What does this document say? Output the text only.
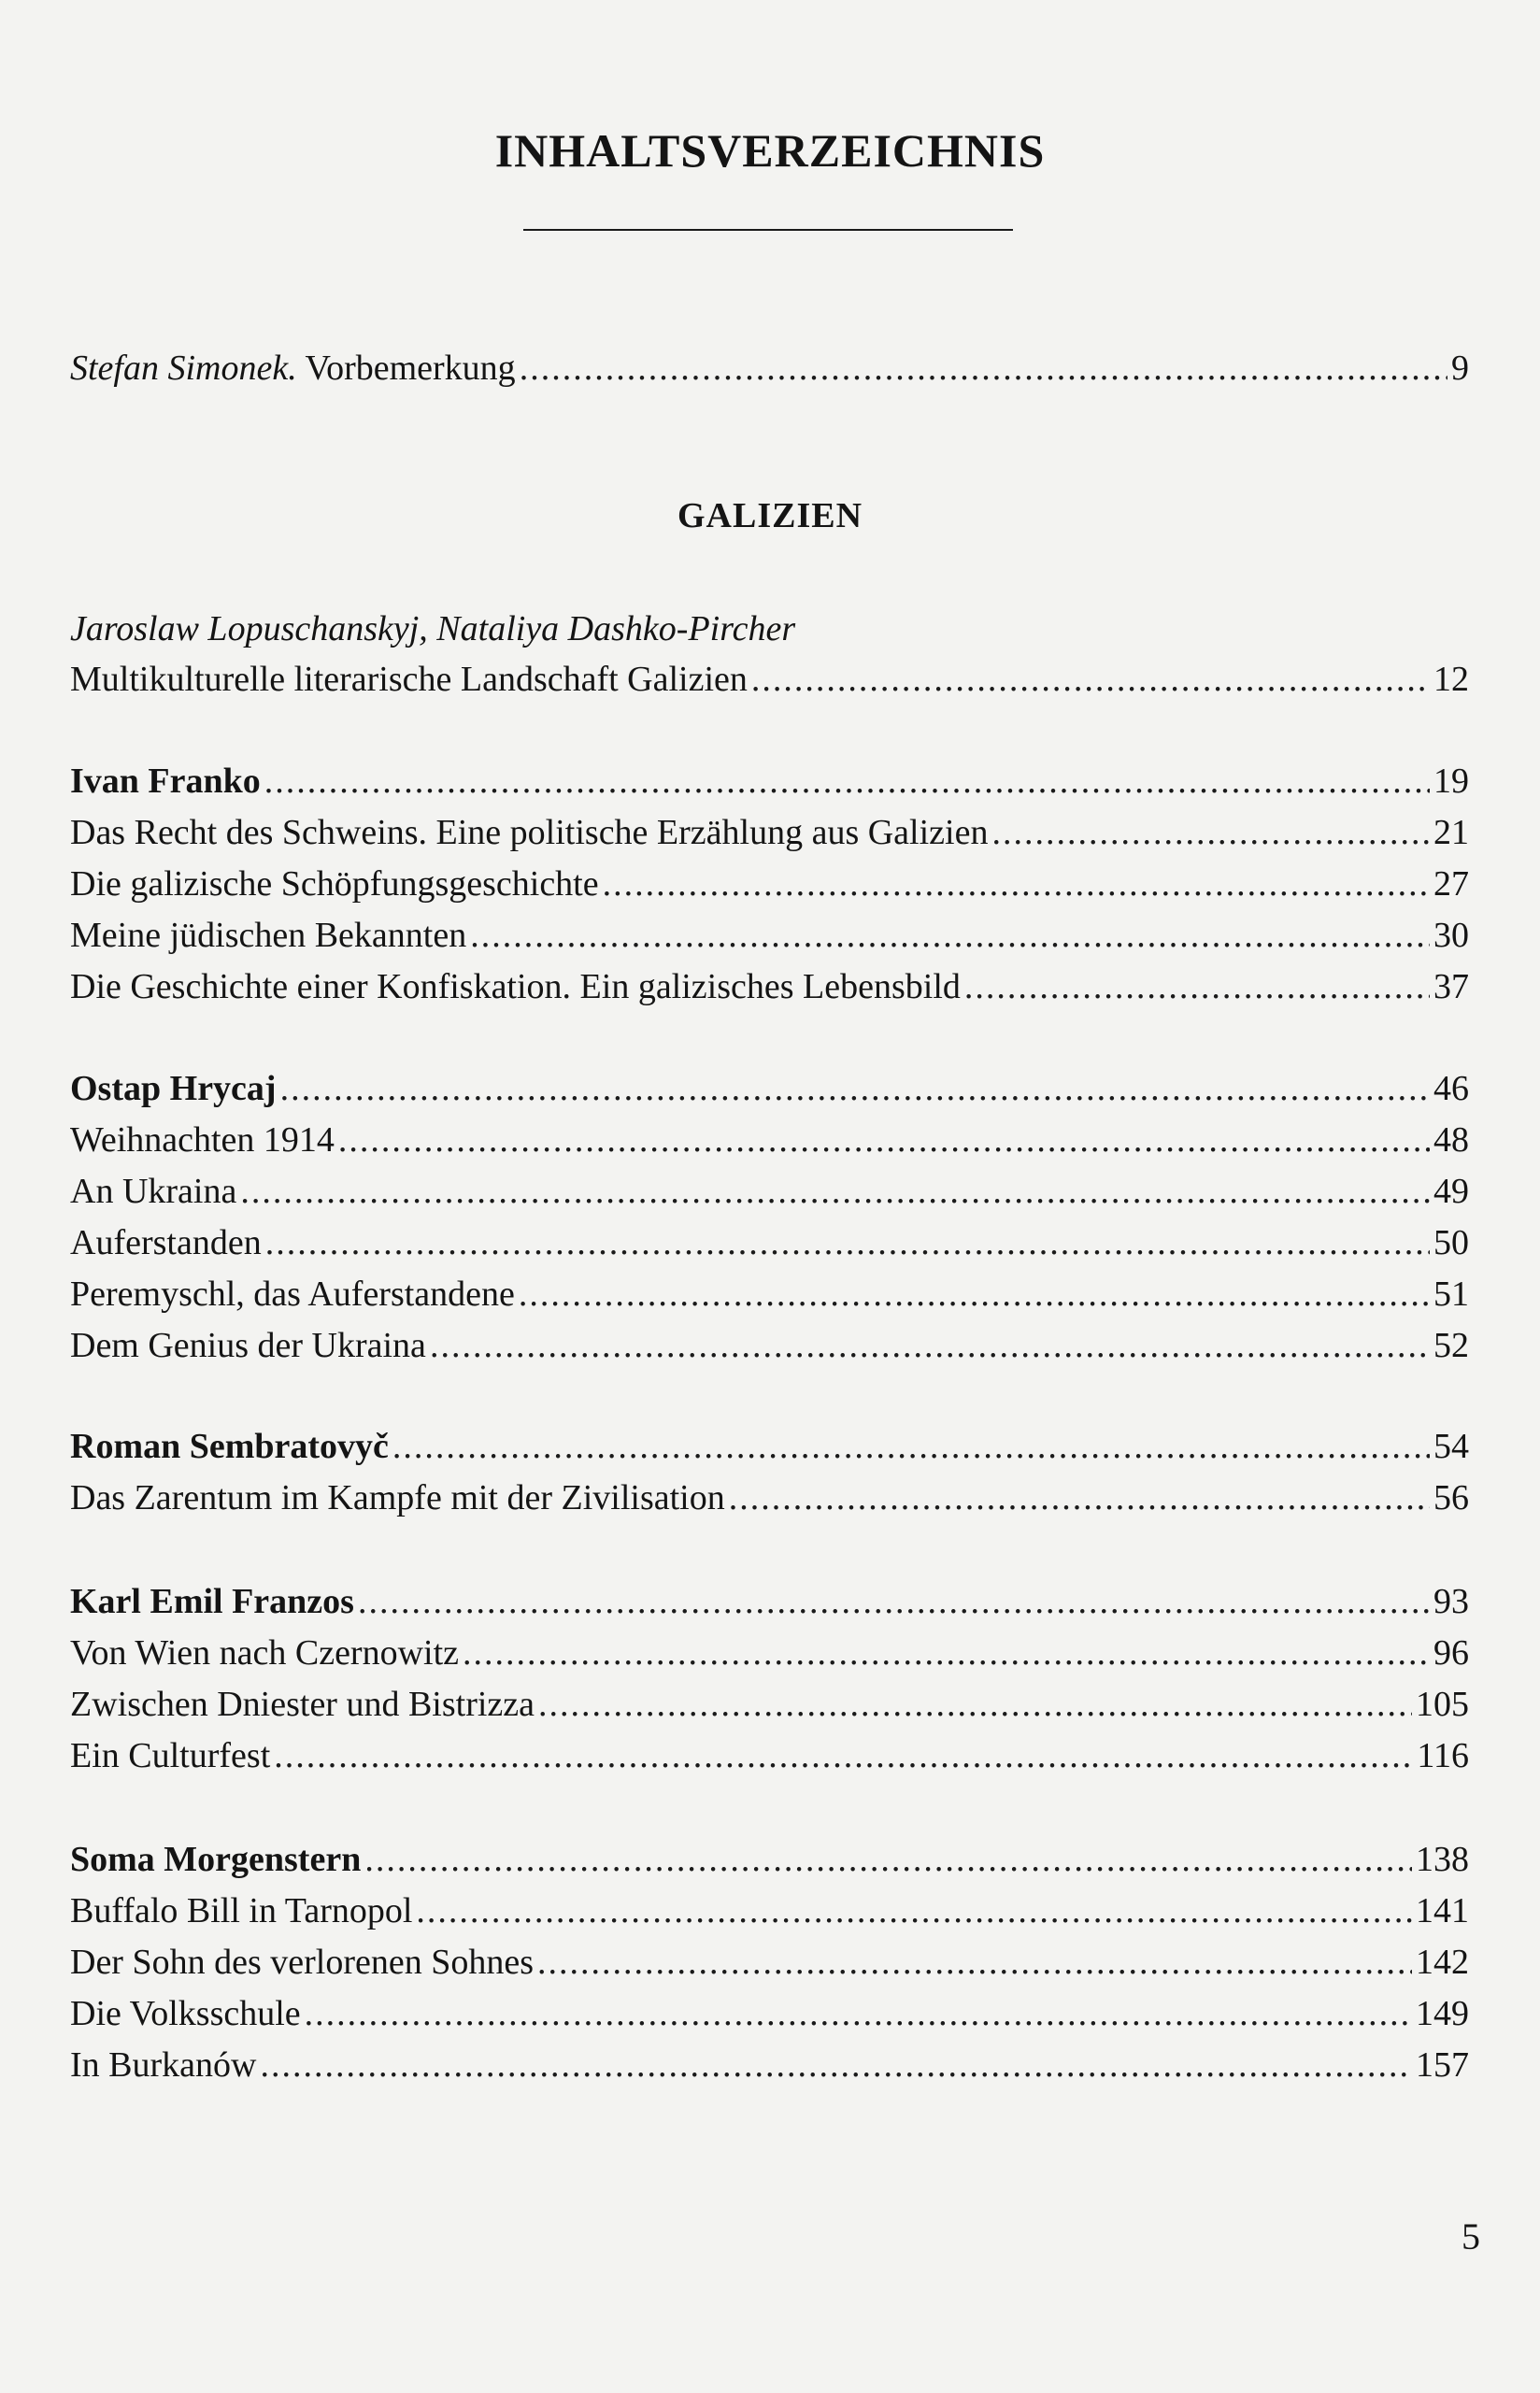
INHALTSVERZEICHNIS
Stefan Simonek. Vorbemerkung .....	9
GALIZIEN
Jaroslaw Lopuschanskyj, Nataliya Dashko-Pircher
Multikulturelle literarische Landschaft Galizien .....	12
Ivan Franko .....	19
Das Recht des Schweins. Eine politische Erzählung aus Galizien .....	21
Die galizische Schöpfungsgeschichte .....	27
Meine jüdischen Bekannten .....	30
Die Geschichte einer Konfiskation. Ein galizisches Lebensbild .....	37
Ostap Hrycaj .....	46
Weihnachten 1914 .....	48
An Ukraina .....	49
Auferstanden .....	50
Peremyschl, das Auferstandene .....	51
Dem Genius der Ukraina .....	52
Roman Sembratovyč .....	54
Das Zarentum im Kampfe mit der Zivilisation .....	56
Karl Emil Franzos .....	93
Von Wien nach Czernowitz .....	96
Zwischen Dniester und Bistrizza .....	105
Ein Culturfest .....	116
Soma Morgenstern .....	138
Buffalo Bill in Tarnopol .....	141
Der Sohn des verlorenen Sohnes .....	142
Die Volksschule .....	149
In Burkanów .....	157
5
